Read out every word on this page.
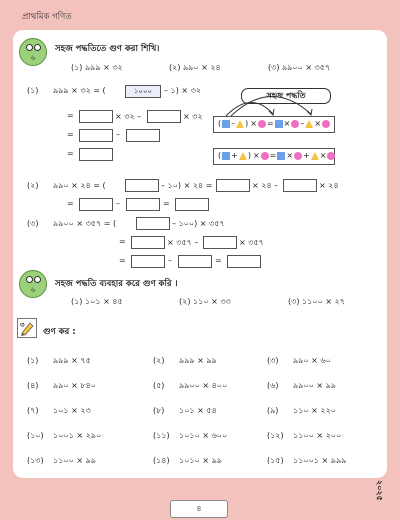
প্রাথমিক গণিত
৬
সহজ পদ্ধতিতে গুণ করা শিখি।
(১) ৯৯৯ × ৩২	(২) ৯৯০ × ২৪	(৩) ৯৯০০ × ৩৫৭
(১) ৯৯৯ × ৩২ = (	১০০০	– ১) × ৩২
=	× ৩২ –	× ৩২
=	–
=
সহজ পদ্ধতি
( – ) × = × – ×
( + ) × = × + ×
(২) ৯৯০ × ২৪ = (	– ১০) × ২৪ =	× ২৪ –	× ২৪
=	–	=
(৩) ৯৯০০ × ৩৫৭ = (	– ১০০) × ৩৫৭
=	× ৩৫৭ –	× ৩৫৭
=	–	=
৬
সহজ পদ্ধতি ব্যবহার করে গুণ করি ।
(১) ১০১ × ৪৫	(২) ১১০ × ৩৩	(৩) ১১০০ × ২৭
৩
গুণ কর :
(১) ৯৯৯ × ৭৫	(২) ৯৯৯ × ৯৯	(৩) ৯৯০ × ৬০
(৪) ৯৯০ × ৮৪০	(৫) ৯৯০০ × ৪০০	(৬) ৯৯০০ × ৯৯
(৭) ১০১ × ২৩	(৮) ১০১ × ৫৪	(৯) ১১০ × ২২০
(১০) ১০০১ × ২৯০	(১১) ১০১০ × ৬০০	(১২) ১১০০ × ২০০
(১৩) ১১০০ × ৯৯	(১৪) ১০১০ × ৯৯	(১৫) ১১০০১ × ৯৯৯
২০২৫
৪
